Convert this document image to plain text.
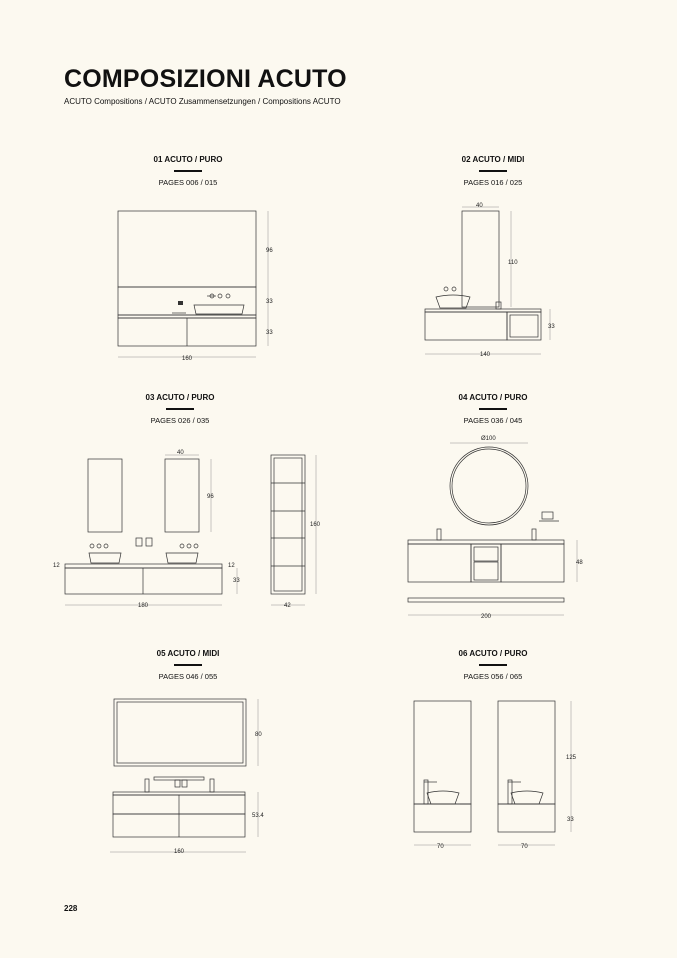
COMPOSIZIONI ACUTO

ACUTO Compositions / ACUTO Zusammensetzungen / Compositions ACUTO

01 ACUTO / PURO
PAGES 006 / 015
02 ACUTO / MIDI
PAGES 016 / 025
03 ACUTO / PURO
PAGES 026 / 035
04 ACUTO / PURO
PAGES 036 / 045
05 ACUTO / MIDI
PAGES 046 / 055
06 ACUTO / PURO
PAGES 056 / 065
96
33
33
160
40
110
33
140
40
96
12	12
33
180
160
42
Ø100
48
200
80
53.4
160
125
33
70	70
228
